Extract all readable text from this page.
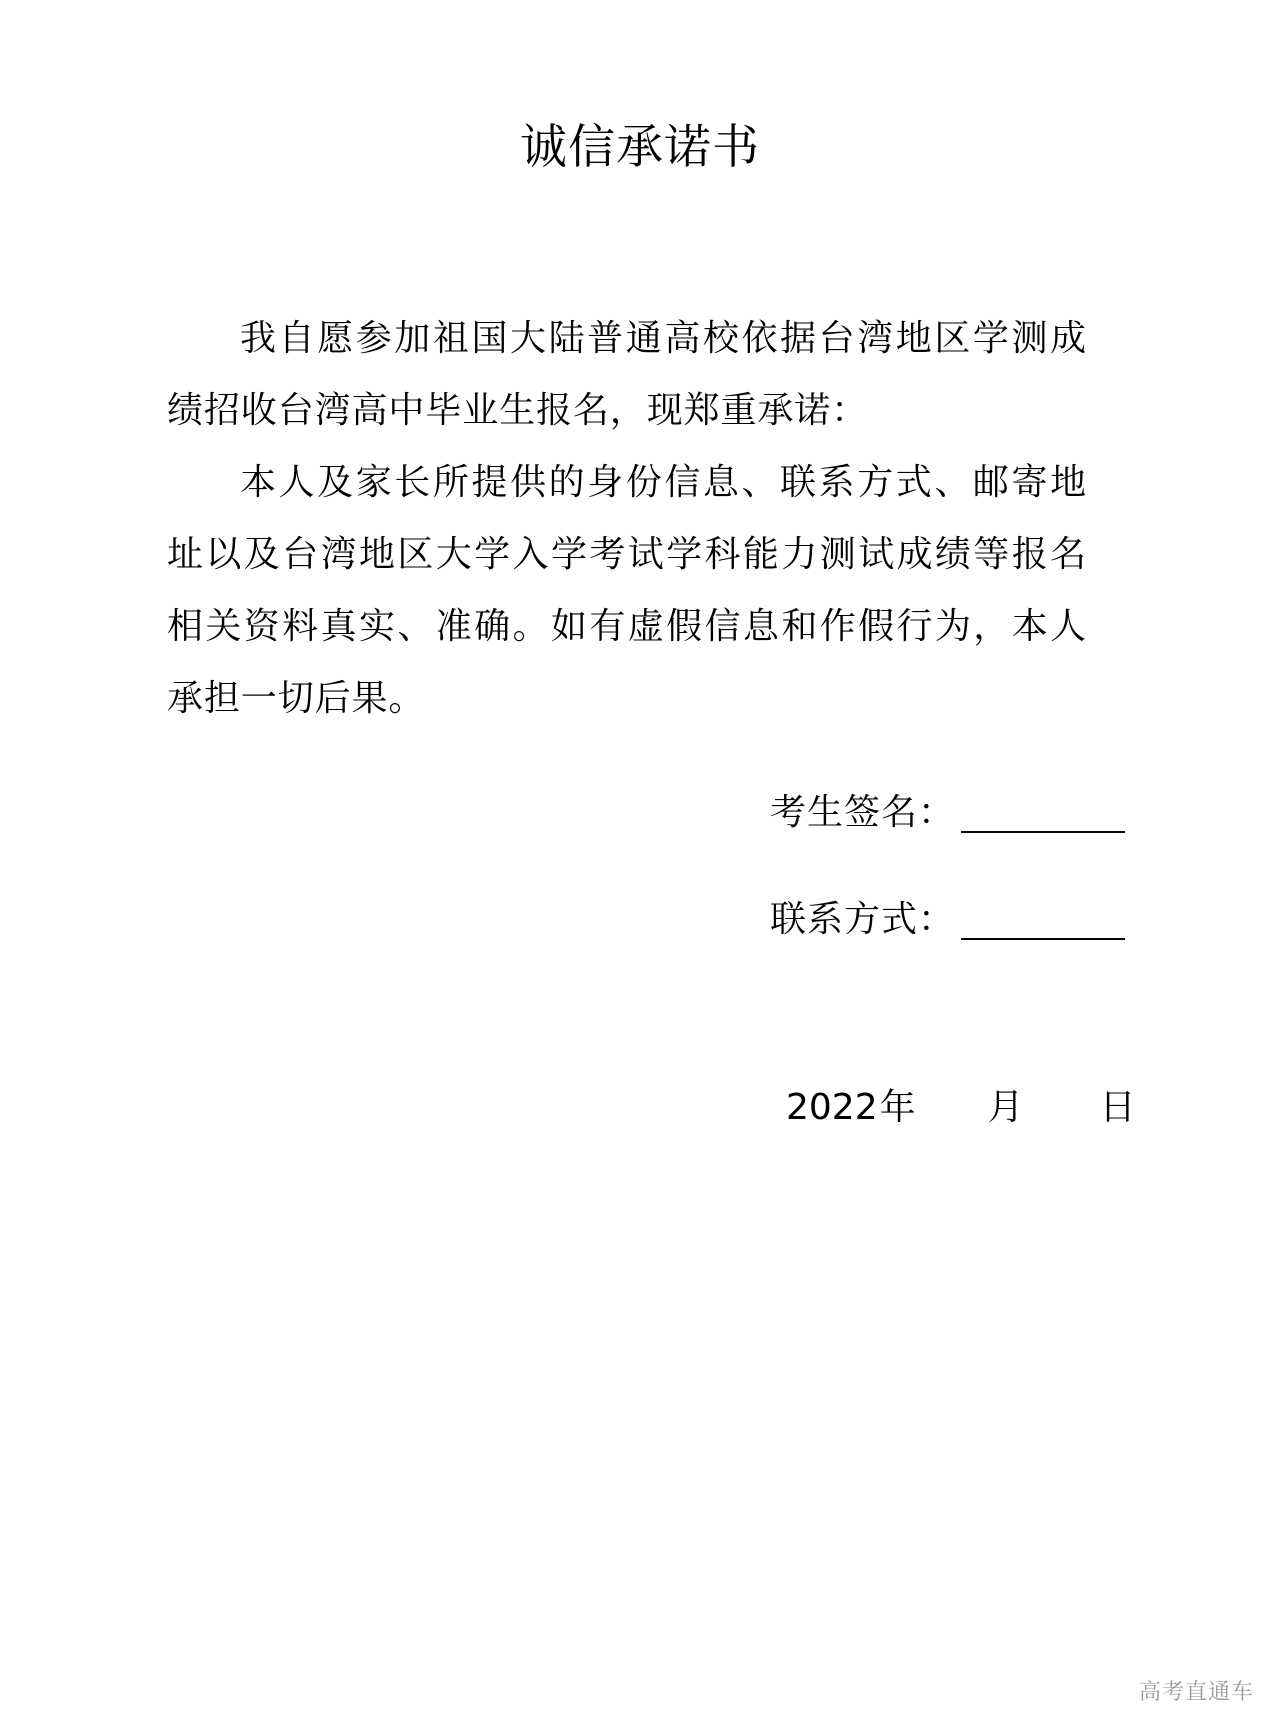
诚信承诺书

我自愿参加祖国大陆普通高校依据台湾地区学测成绩招收台湾高中毕业生报名，现郑重承诺：

本人及家长所提供的身份信息、联系方式、邮寄地址以及台湾地区大学入学考试学科能力测试成绩等报名相关资料真实、准确。如有虚假信息和作假行为，本人承担一切后果。

考生签名：
联系方式：
2022年 月 日
高考直通车
